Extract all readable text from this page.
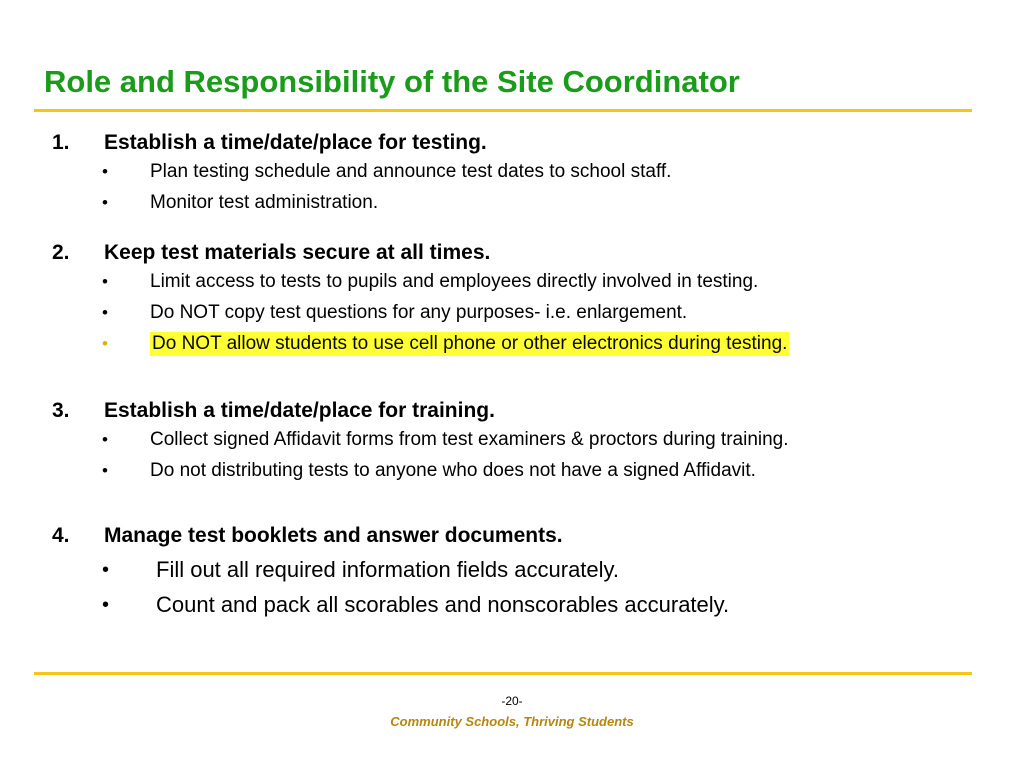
Role and Responsibility of the Site Coordinator
1. Establish a time/date/place for testing.
• Plan testing schedule and announce test dates to school staff.
• Monitor test administration.
2. Keep test materials secure at all times.
• Limit access to tests to pupils and employees directly involved in testing.
• Do NOT copy test questions for any purposes- i.e. enlargement.
• Do NOT allow students to use cell phone or other electronics during testing.
3. Establish a time/date/place for training.
• Collect signed Affidavit forms from test examiners & proctors during training.
• Do not distributing tests to anyone who does not have a signed Affidavit.
4. Manage test booklets and answer documents.
• Fill out all required information fields accurately.
• Count and pack all scorables and nonscorables accurately.
-20-
Community Schools, Thriving Students
